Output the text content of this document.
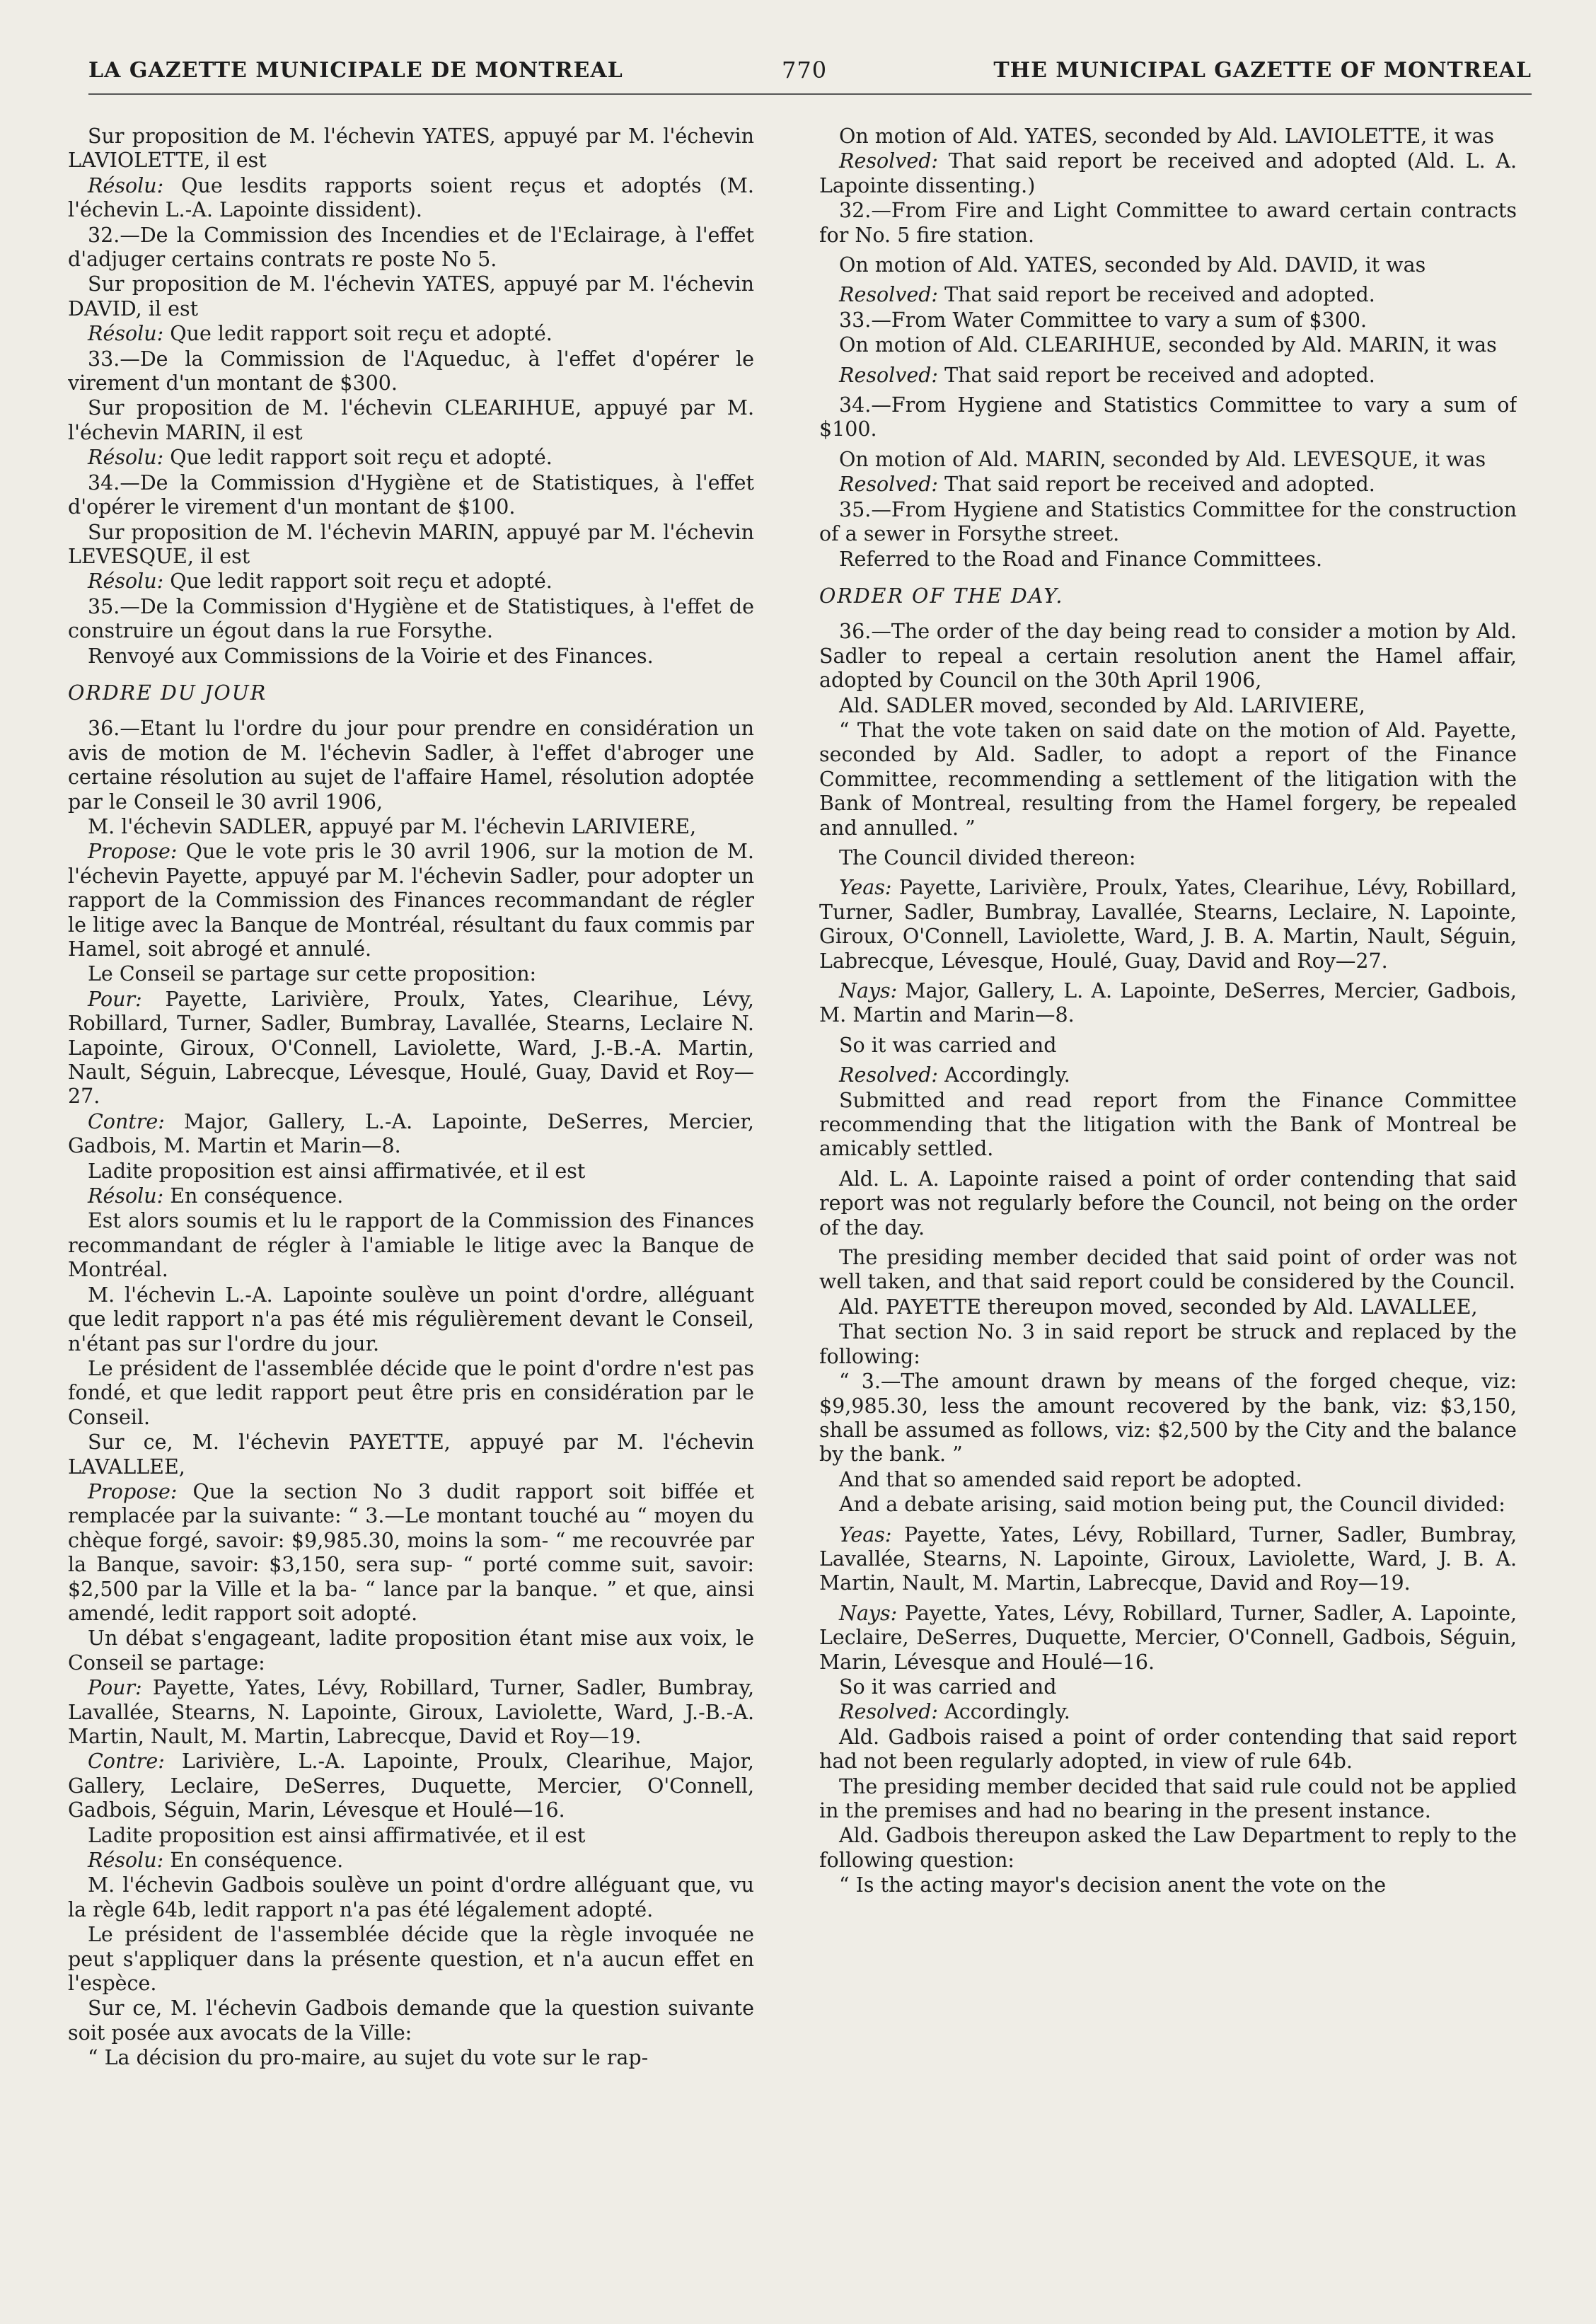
LA GAZETTE MUNICIPALE DE MONTREAL	770	THE MUNICIPAL GAZETTE OF MONTREAL

Sur proposition de M. l'échevin YATES, appuyé par M. l'échevin LAVIOLETTE, il est

Résolu: Que lesdits rapports soient reçus et adoptés (M. l'échevin L.-A. Lapointe dissident).

32.—De la Commission des Incendies et de l'Eclairage, à l'effet d'adjuger certains contrats re poste No 5.

Sur proposition de M. l'échevin YATES, appuyé par M. l'échevin DAVID, il est

Résolu: Que ledit rapport soit reçu et adopté.

33.—De la Commission de l'Aqueduc, à l'effet d'opérer le virement d'un montant de $300.

Sur proposition de M. l'échevin CLEARIHUE, appuyé par M. l'échevin MARIN, il est

Résolu: Que ledit rapport soit reçu et adopté.

34.—De la Commission d'Hygiène et de Statistiques, à l'effet d'opérer le virement d'un montant de $100.

Sur proposition de M. l'échevin MARIN, appuyé par M. l'échevin LEVESQUE, il est

Résolu: Que ledit rapport soit reçu et adopté.

35.—De la Commission d'Hygiène et de Statistiques, à l'effet de construire un égout dans la rue Forsythe.

Renvoyé aux Commissions de la Voirie et des Finances.

ORDRE DU JOUR

36.—Etant lu l'ordre du jour pour prendre en considération un avis de motion de M. l'échevin Sadler, à l'effet d'abroger une certaine résolution au sujet de l'affaire Hamel, résolution adoptée par le Conseil le 30 avril 1906,

M. l'échevin SADLER, appuyé par M. l'échevin LARIVIERE,

Propose: Que le vote pris le 30 avril 1906, sur la motion de M. l'échevin Payette, appuyé par M. l'échevin Sadler, pour adopter un rapport de la Commission des Finances recommandant de régler le litige avec la Banque de Montréal, résultant du faux commis par Hamel, soit abrogé et annulé.

Le Conseil se partage sur cette proposition:

Pour: Payette, Larivière, Proulx, Yates, Clearihue, Lévy, Robillard, Turner, Sadler, Bumbray, Lavallée, Stearns, Leclaire N. Lapointe, Giroux, O'Connell, Laviolette, Ward, J.-B.-A. Martin, Nault, Séguin, Labrecque, Lévesque, Houlé, Guay, David et Roy—27.

Contre: Major, Gallery, L.-A. Lapointe, DeSerres, Mercier, Gadbois, M. Martin et Marin—8.

Ladite proposition est ainsi affirmativée, et il est

Résolu: En conséquence.

Est alors soumis et lu le rapport de la Commission des Finances recommandant de régler à l'amiable le litige avec la Banque de Montréal.

M. l'échevin L.-A. Lapointe soulève un point d'ordre, alléguant que ledit rapport n'a pas été mis régulièrement devant le Conseil, n'étant pas sur l'ordre du jour.

Le président de l'assemblée décide que le point d'ordre n'est pas fondé, et que ledit rapport peut être pris en considération par le Conseil.

Sur ce, M. l'échevin PAYETTE, appuyé par M. l'échevin LAVALLEE,

Propose: Que la section No 3 dudit rapport soit biffée et remplacée par la suivante: “ 3.—Le montant touché au “ moyen du chèque forgé, savoir: $9,985.30, moins la som- “ me recouvrée par la Banque, savoir: $3,150, sera sup- “ porté comme suit, savoir: $2,500 par la Ville et la ba- “ lance par la banque. ” et que, ainsi amendé, ledit rapport soit adopté.

Un débat s'engageant, ladite proposition étant mise aux voix, le Conseil se partage:

Pour: Payette, Yates, Lévy, Robillard, Turner, Sadler, Bumbray, Lavallée, Stearns, N. Lapointe, Giroux, Laviolette, Ward, J.-B.-A. Martin, Nault, M. Martin, Labrecque, David et Roy—19.

Contre: Larivière, L.-A. Lapointe, Proulx, Clearihue, Major, Gallery, Leclaire, DeSerres, Duquette, Mercier, O'Connell, Gadbois, Séguin, Marin, Lévesque et Houlé—16.

Ladite proposition est ainsi affirmativée, et il est

Résolu: En conséquence.

M. l'échevin Gadbois soulève un point d'ordre alléguant que, vu la règle 64b, ledit rapport n'a pas été légalement adopté.

Le président de l'assemblée décide que la règle invoquée ne peut s'appliquer dans la présente question, et n'a aucun effet en l'espèce.

Sur ce, M. l'échevin Gadbois demande que la question suivante soit posée aux avocats de la Ville:

“ La décision du pro-maire, au sujet du vote sur le rap-

On motion of Ald. YATES, seconded by Ald. LAVIOLETTE, it was

Resolved: That said report be received and adopted (Ald. L. A. Lapointe dissenting.)

32.—From Fire and Light Committee to award certain contracts for No. 5 fire station.

On motion of Ald. YATES, seconded by Ald. DAVID, it was

Resolved: That said report be received and adopted.

33.—From Water Committee to vary a sum of $300.

On motion of Ald. CLEARIHUE, seconded by Ald. MARIN, it was

Resolved: That said report be received and adopted.

34.—From Hygiene and Statistics Committee to vary a sum of $100.

On motion of Ald. MARIN, seconded by Ald. LEVESQUE, it was

Resolved: That said report be received and adopted.

35.—From Hygiene and Statistics Committee for the construction of a sewer in Forsythe street.

Referred to the Road and Finance Committees.

ORDER OF THE DAY.

36.—The order of the day being read to consider a motion by Ald. Sadler to repeal a certain resolution anent the Hamel affair, adopted by Council on the 30th April 1906,

Ald. SADLER moved, seconded by Ald. LARIVIERE,

“ That the vote taken on said date on the motion of Ald. Payette, seconded by Ald. Sadler, to adopt a report of the Finance Committee, recommending a settlement of the litigation with the Bank of Montreal, resulting from the Hamel forgery, be repealed and annulled. ”

The Council divided thereon:

Yeas: Payette, Larivière, Proulx, Yates, Clearihue, Lévy, Robillard, Turner, Sadler, Bumbray, Lavallée, Stearns, Leclaire, N. Lapointe, Giroux, O'Connell, Laviolette, Ward, J. B. A. Martin, Nault, Séguin, Labrecque, Lévesque, Houlé, Guay, David and Roy—27.

Nays: Major, Gallery, L. A. Lapointe, DeSerres, Mercier, Gadbois, M. Martin and Marin—8.

So it was carried and

Resolved: Accordingly.

Submitted and read report from the Finance Committee recommending that the litigation with the Bank of Montreal be amicably settled.

Ald. L. A. Lapointe raised a point of order contending that said report was not regularly before the Council, not being on the order of the day.

The presiding member decided that said point of order was not well taken, and that said report could be considered by the Council.

Ald. PAYETTE thereupon moved, seconded by Ald. LAVALLEE,

That section No. 3 in said report be struck and replaced by the following:

“ 3.—The amount drawn by means of the forged cheque, viz: $9,985.30, less the amount recovered by the bank, viz: $3,150, shall be assumed as follows, viz: $2,500 by the City and the balance by the bank. ”

And that so amended said report be adopted.

And a debate arising, said motion being put, the Council divided:

Yeas: Payette, Yates, Lévy, Robillard, Turner, Sadler, Bumbray, Lavallée, Stearns, N. Lapointe, Giroux, Laviolette, Ward, J. B. A. Martin, Nault, M. Martin, Labrecque, David and Roy—19.

Nays: Payette, Yates, Lévy, Robillard, Turner, Sadler, A. Lapointe, Leclaire, DeSerres, Duquette, Mercier, O'Connell, Gadbois, Séguin, Marin, Lévesque and Houlé—16.

So it was carried and

Resolved: Accordingly.

Ald. Gadbois raised a point of order contending that said report had not been regularly adopted, in view of rule 64b.

The presiding member decided that said rule could not be applied in the premises and had no bearing in the present instance.

Ald. Gadbois thereupon asked the Law Department to reply to the following question:

“ Is the acting mayor's decision anent the vote on the
